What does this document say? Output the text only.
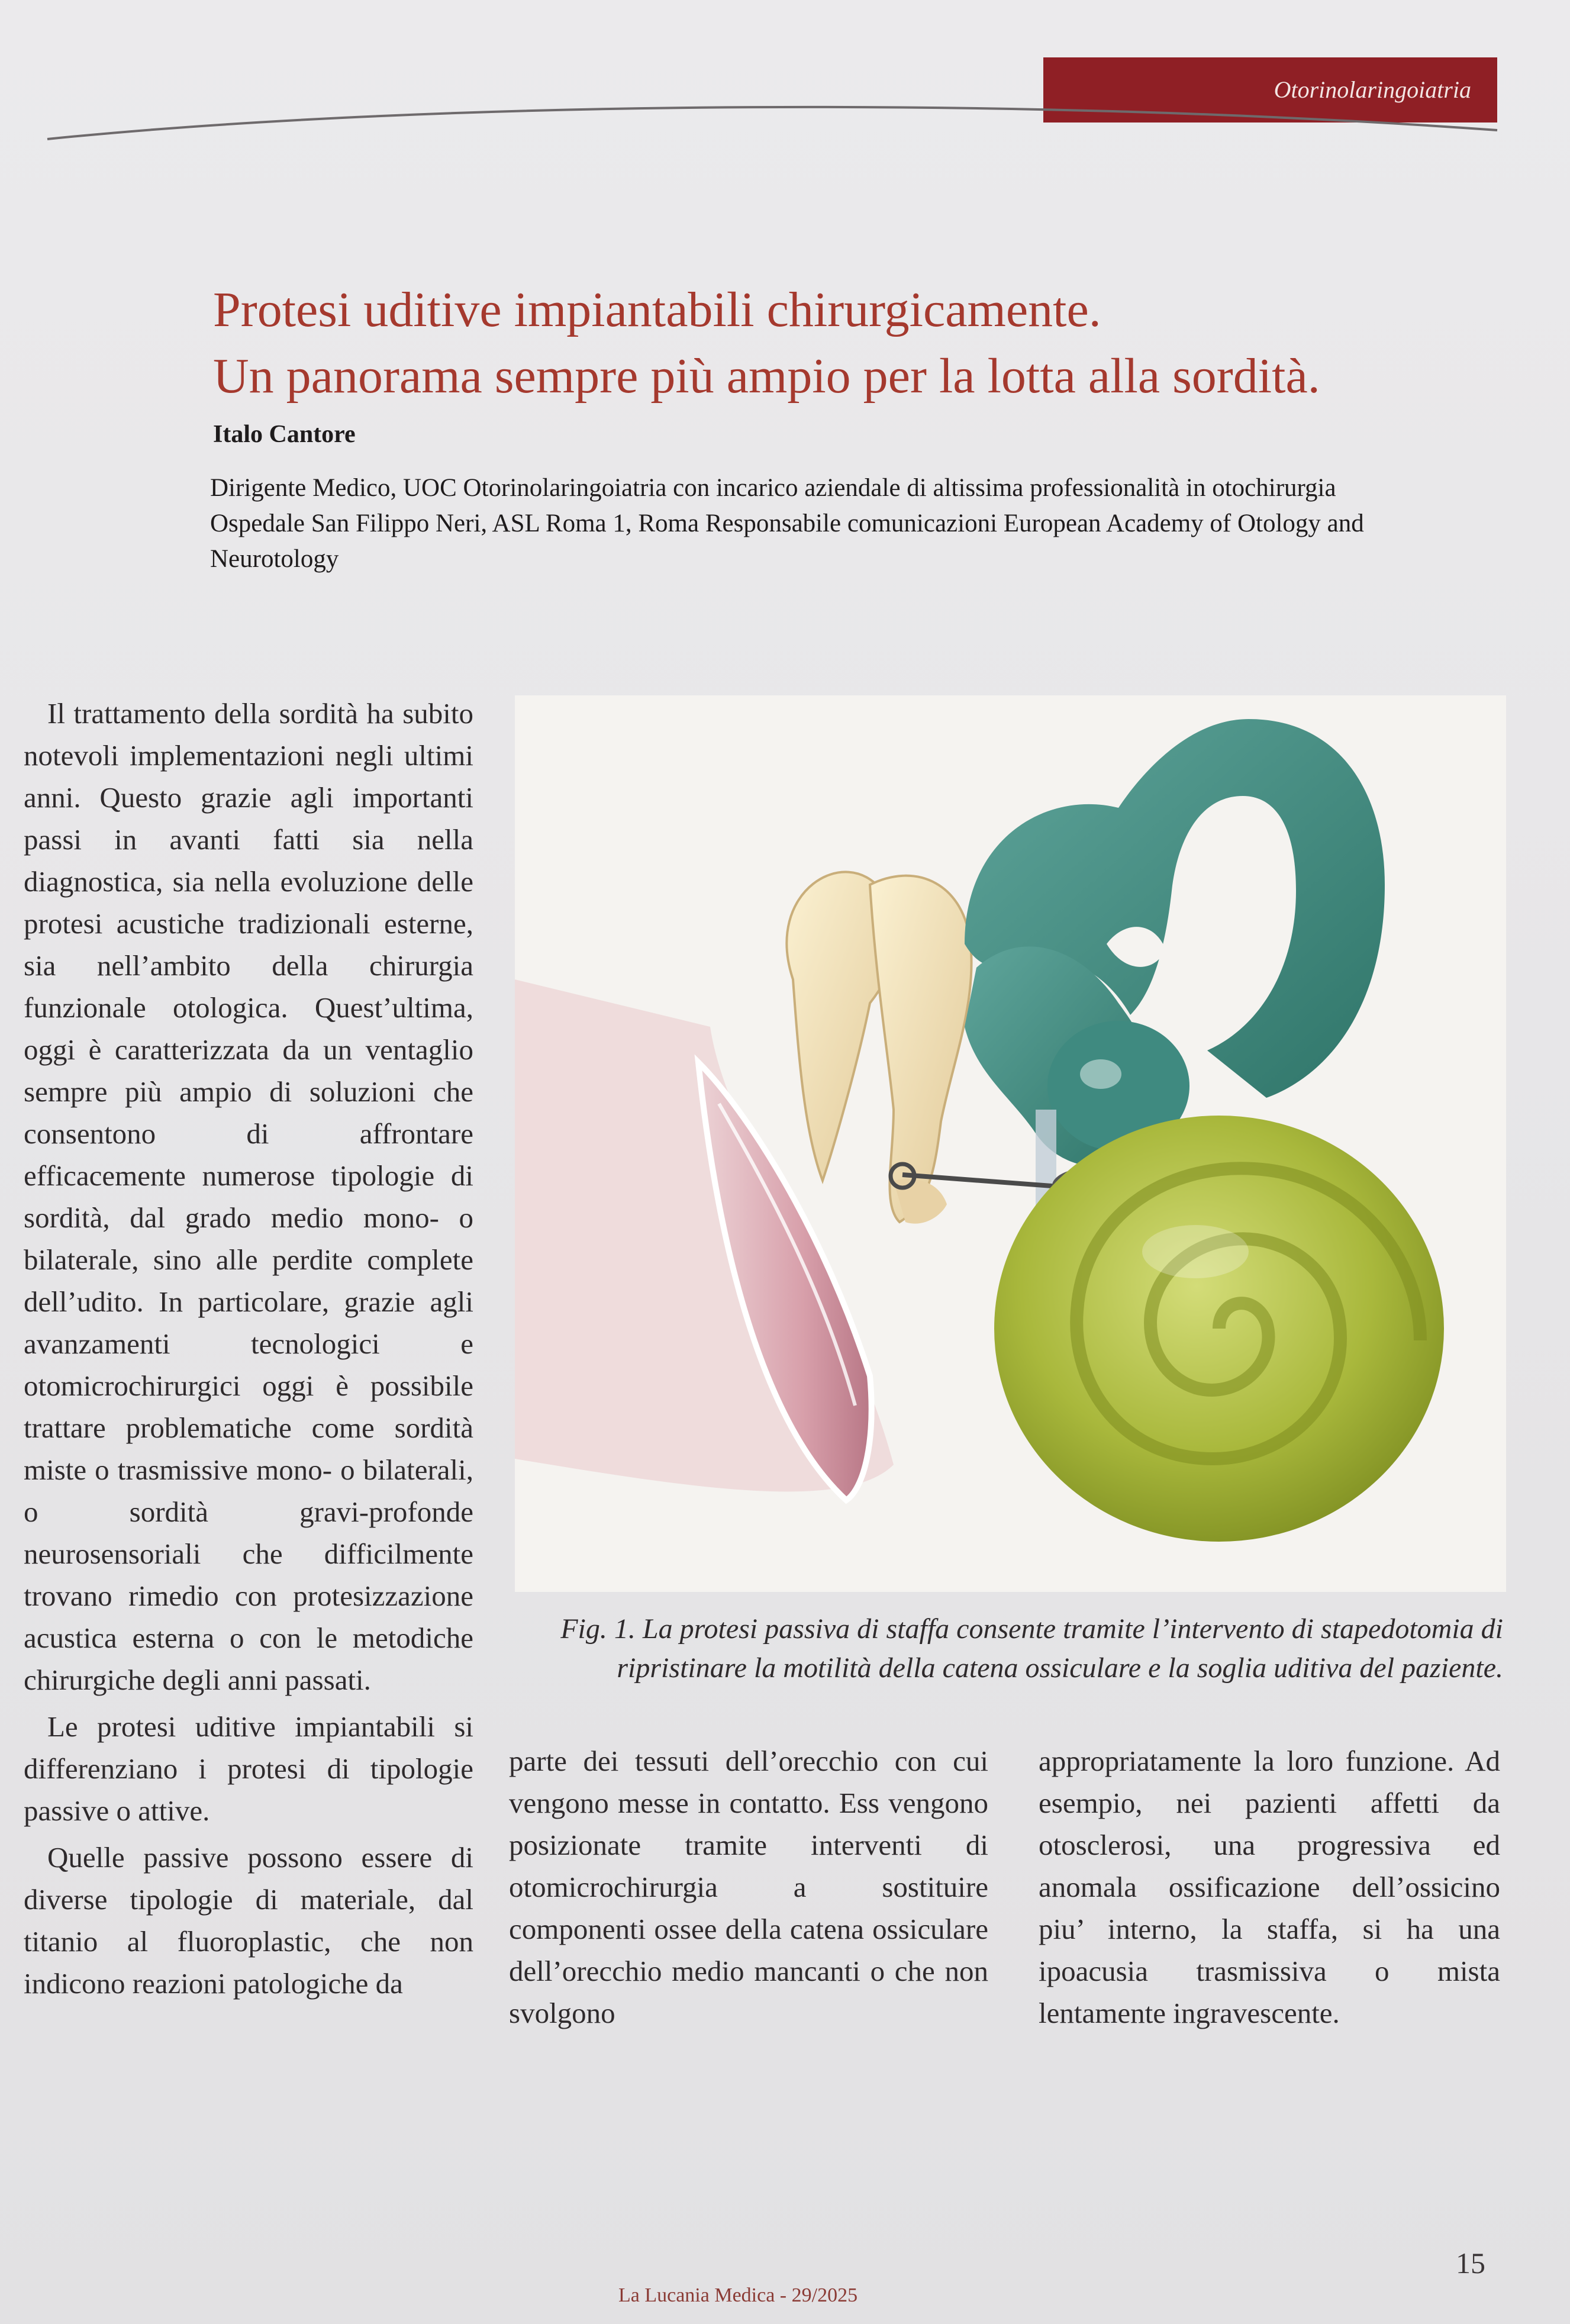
Otorinolaringoiatria
Protesi uditive impiantabili chirurgicamente.
Un panorama sempre più ampio per la lotta alla sordità.
Italo Cantore
Dirigente Medico, UOC Otorinolaringoiatria con incarico aziendale di altissima professionalità in otochirurgia
Ospedale San Filippo Neri, ASL Roma 1, Roma Responsabile comunicazioni European Academy of Otology and
Neurotology

Il trattamento della sordità ha subito notevoli implementazioni negli ultimi anni. Questo grazie agli importanti passi in avanti fatti sia nella diagnostica, sia nella evoluzione delle protesi acustiche tradizionali esterne, sia nell’ambito della chirurgia funzionale otologica. Quest’ultima, oggi è caratterizzata da un ventaglio sempre più ampio di soluzioni che consentono di affrontare efficacemente numerose tipologie di sordità, dal grado medio mono- o bilaterale, sino alle perdite complete dell’udito. In particolare, grazie agli avanzamenti tecnologici e otomicrochirurgici oggi è possibile trattare problematiche come sordità miste o trasmissive mono- o bilaterali, o sordità gravi-profonde neurosensoriali che difficilmente trovano rimedio con protesizzazione acustica esterna o con le metodiche chirurgiche degli anni passati.

Le protesi uditive impiantabili si differenziano i protesi di tipologie passive o attive.

Quelle passive possono essere di diverse tipologie di materiale, dal titanio al fluoroplastic, che non indicono reazioni patologiche da

Fig. 1. La protesi passiva di staffa consente tramite l’intervento di stapedotomia di
ripristinare la motilità della catena ossiculare e la soglia uditiva del paziente.

parte dei tessuti dell’orecchio con cui vengono messe in contatto. Ess vengono posizionate tramite interventi di otomicrochirurgia a sostituire componenti ossee della catena ossiculare dell’orecchio medio mancanti o che non svolgono

appropriatamente la loro funzione. Ad esempio, nei pazienti affetti da otosclerosi, una progressiva ed anomala ossificazione dell’ossicino piu’ interno, la staffa, si ha una ipoacusia trasmissiva o mista lentamente ingravescente.

15
La Lucania Medica - 29/2025
